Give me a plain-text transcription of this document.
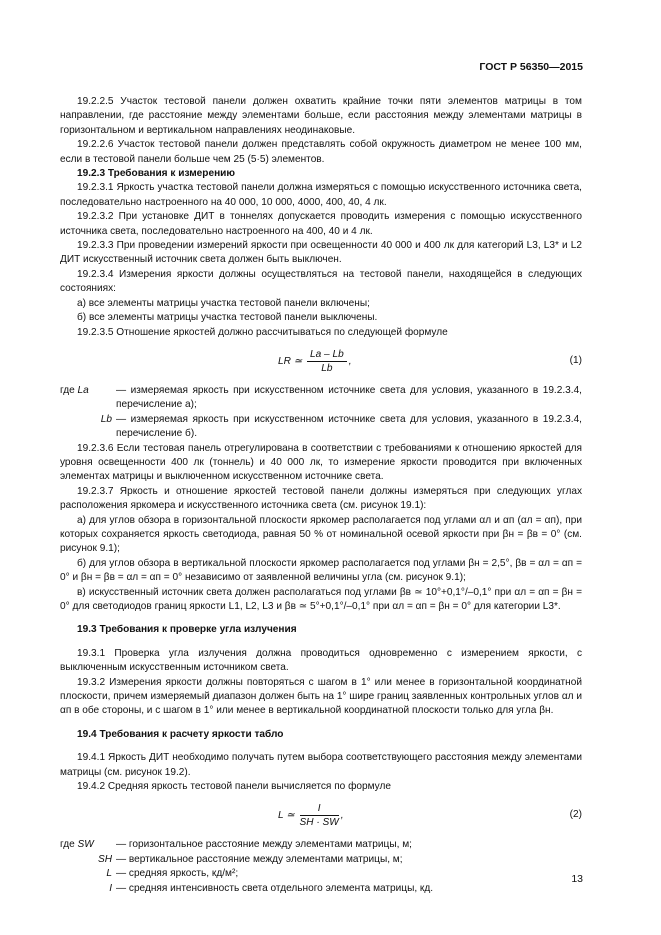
ГОСТ Р 56350—2015

19.2.2.5 Участок тестовой панели должен охватить крайние точки пяти элементов матрицы в том направлении, где расстояние между элементами больше, если расстояния между элементами матрицы в горизонтальном и вертикальном направлениях неодинаковые.

19.2.2.6 Участок тестовой панели должен представлять собой окружность диаметром не менее 100 мм, если в тестовой панели больше чем 25 (5·5) элементов.

19.2.3 Требования к измерению

19.2.3.1 Яркость участка тестовой панели должна измеряться с помощью искусственного источника света, последовательно настроенного на 40 000, 10 000, 4000, 400, 40, 4 лк.

19.2.3.2 При установке ДИТ в тоннелях допускается проводить измерения с помощью искусственного источника света, последовательно настроенного на 400, 40 и 4 лк.

19.2.3.3 При проведении измерений яркости при освещенности 40 000 и 400 лк для категорий L3, L3* и L2 ДИТ искусственный источник света должен быть выключен.

19.2.3.4 Измерения яркости должны осуществляться на тестовой панели, находящейся в следующих состояниях:

а) все элементы матрицы участка тестовой панели включены;

б) все элементы матрицы участка тестовой панели выключены.

19.2.3.5 Отношение яркостей должно рассчитываться по следующей формуле

LR ≃ $\frac{La - Lb}{Lb}$ ,	(1)
где La	— измеряемая яркость при искусственном источнике света для условия, указанного в 19.2.3.4, перечисление а);
Lb — измеряемая яркость при искусственном источнике света для условия, указанного в 19.2.3.4, перечисление б).

19.2.3.6 Если тестовая панель отрегулирована в соответствии с требованиями к отношению яркостей для уровня освещенности 400 лк (тоннель) и 40 000 лк, то измерение яркости проводится при включенных элементах матрицы и выключенном искусственном источнике света.

19.2.3.7 Яркость и отношение яркостей тестовой панели должны измеряться при следующих углах расположения яркомера и искусственного источника света (см. рисунок 19.1):

а) для углов обзора в горизонтальной плоскости яркомер располагается под углами αл и αп (αл = αп), при которых сохраняется яркость светодиода, равная 50 % от номинальной осевой яркости при βн = βв = 0° (см. рисунок 9.1);

б) для углов обзора в вертикальной плоскости яркомер располагается под углами βн = 2,5°, βв = αл = αп = 0° и βн = βв = αл = αп = 0° независимо от заявленной величины угла (см. рисунок 9.1);

в) искусственный источник света должен располагаться под углами βв ≃ 10°+0,1°/–0,1° при αл = αп = βн = 0° для светодиодов границ яркости L1, L2, L3 и βв ≃ 5°+0,1°/–0,1° при αл = αп = βн = 0° для категории L3*.

19.3 Требования к проверке угла излучения

19.3.1 Проверка угла излучения должна проводиться одновременно с измерением яркости, с выключенным искусственным источником света.

19.3.2 Измерения яркости должны повторяться с шагом в 1° или менее в горизонтальной координатной плоскости, причем измеряемый диапазон должен быть на 1° шире границ заявленных контрольных углов αл и αп в обе стороны, и с шагом в 1° или менее в вертикальной координатной плоскости только для угла βн.

19.4 Требования к расчету яркости табло

19.4.1 Яркость ДИТ необходимо получать путем выбора соответствующего расстояния между элементами матрицы (см. рисунок 19.2).

19.4.2 Средняя яркость тестовой панели вычисляется по формуле

L ≃ $\frac{I}{SH \cdot SW}$ ,	(2)
где SW	— горизонтальное расстояние между элементами матрицы, м;
SH — вертикальное расстояние между элементами матрицы, м;
L — средняя яркость, кд/м²;
I — средняя интенсивность света отдельного элемента матрицы, кд.
13
